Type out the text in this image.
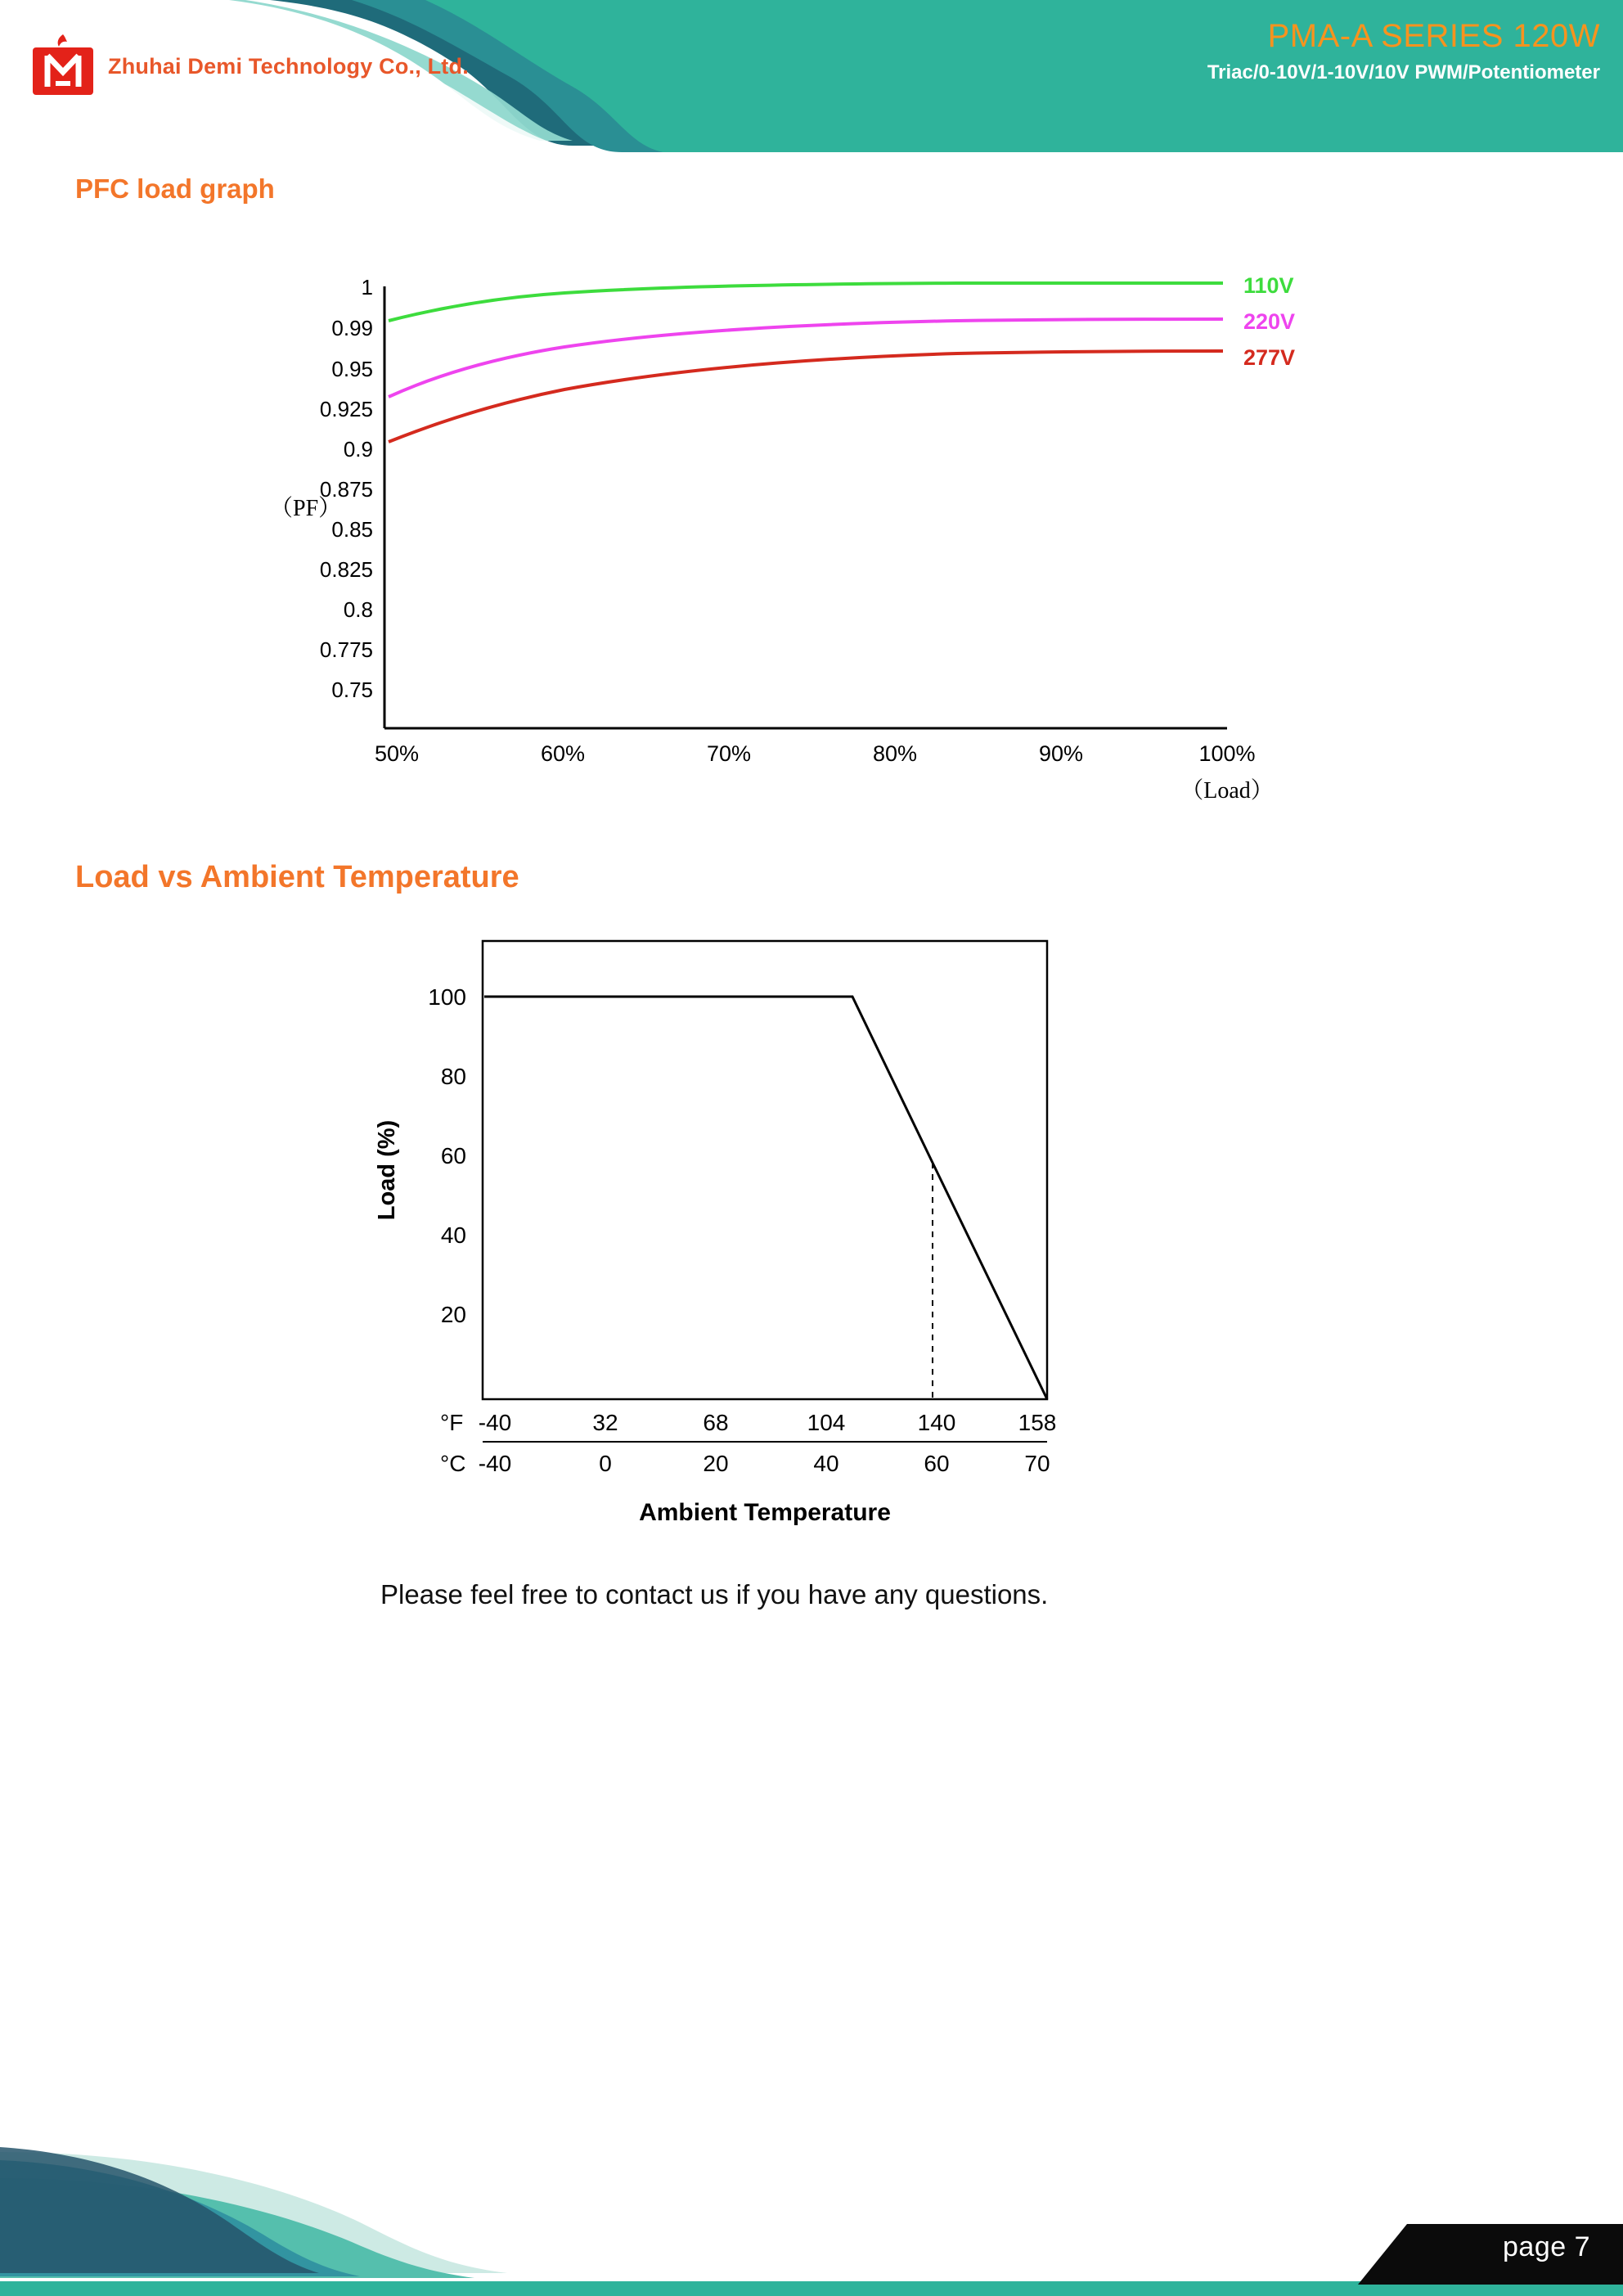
Zhuhai Demi Technology Co., Ltd.
PMA-A SERIES 120W
Triac/0-10V/1-10V/10V PWM/Potentiometer
PFC load graph
1
0.99
0.95
0.925
0.9
0.875
0.85
0.825
0.8
0.775
0.75
（PF）
110V
220V
277V
50%	60%	70%	80%	90%	100%
（Load）
Load vs Ambient Temperature
Load (%)
100
80
60
40
20
°F -40	32	68	104	140	158
°C -40	0	20	40	60	70
Ambient Temperature
Please feel free to contact us if you have any questions.
page 7
